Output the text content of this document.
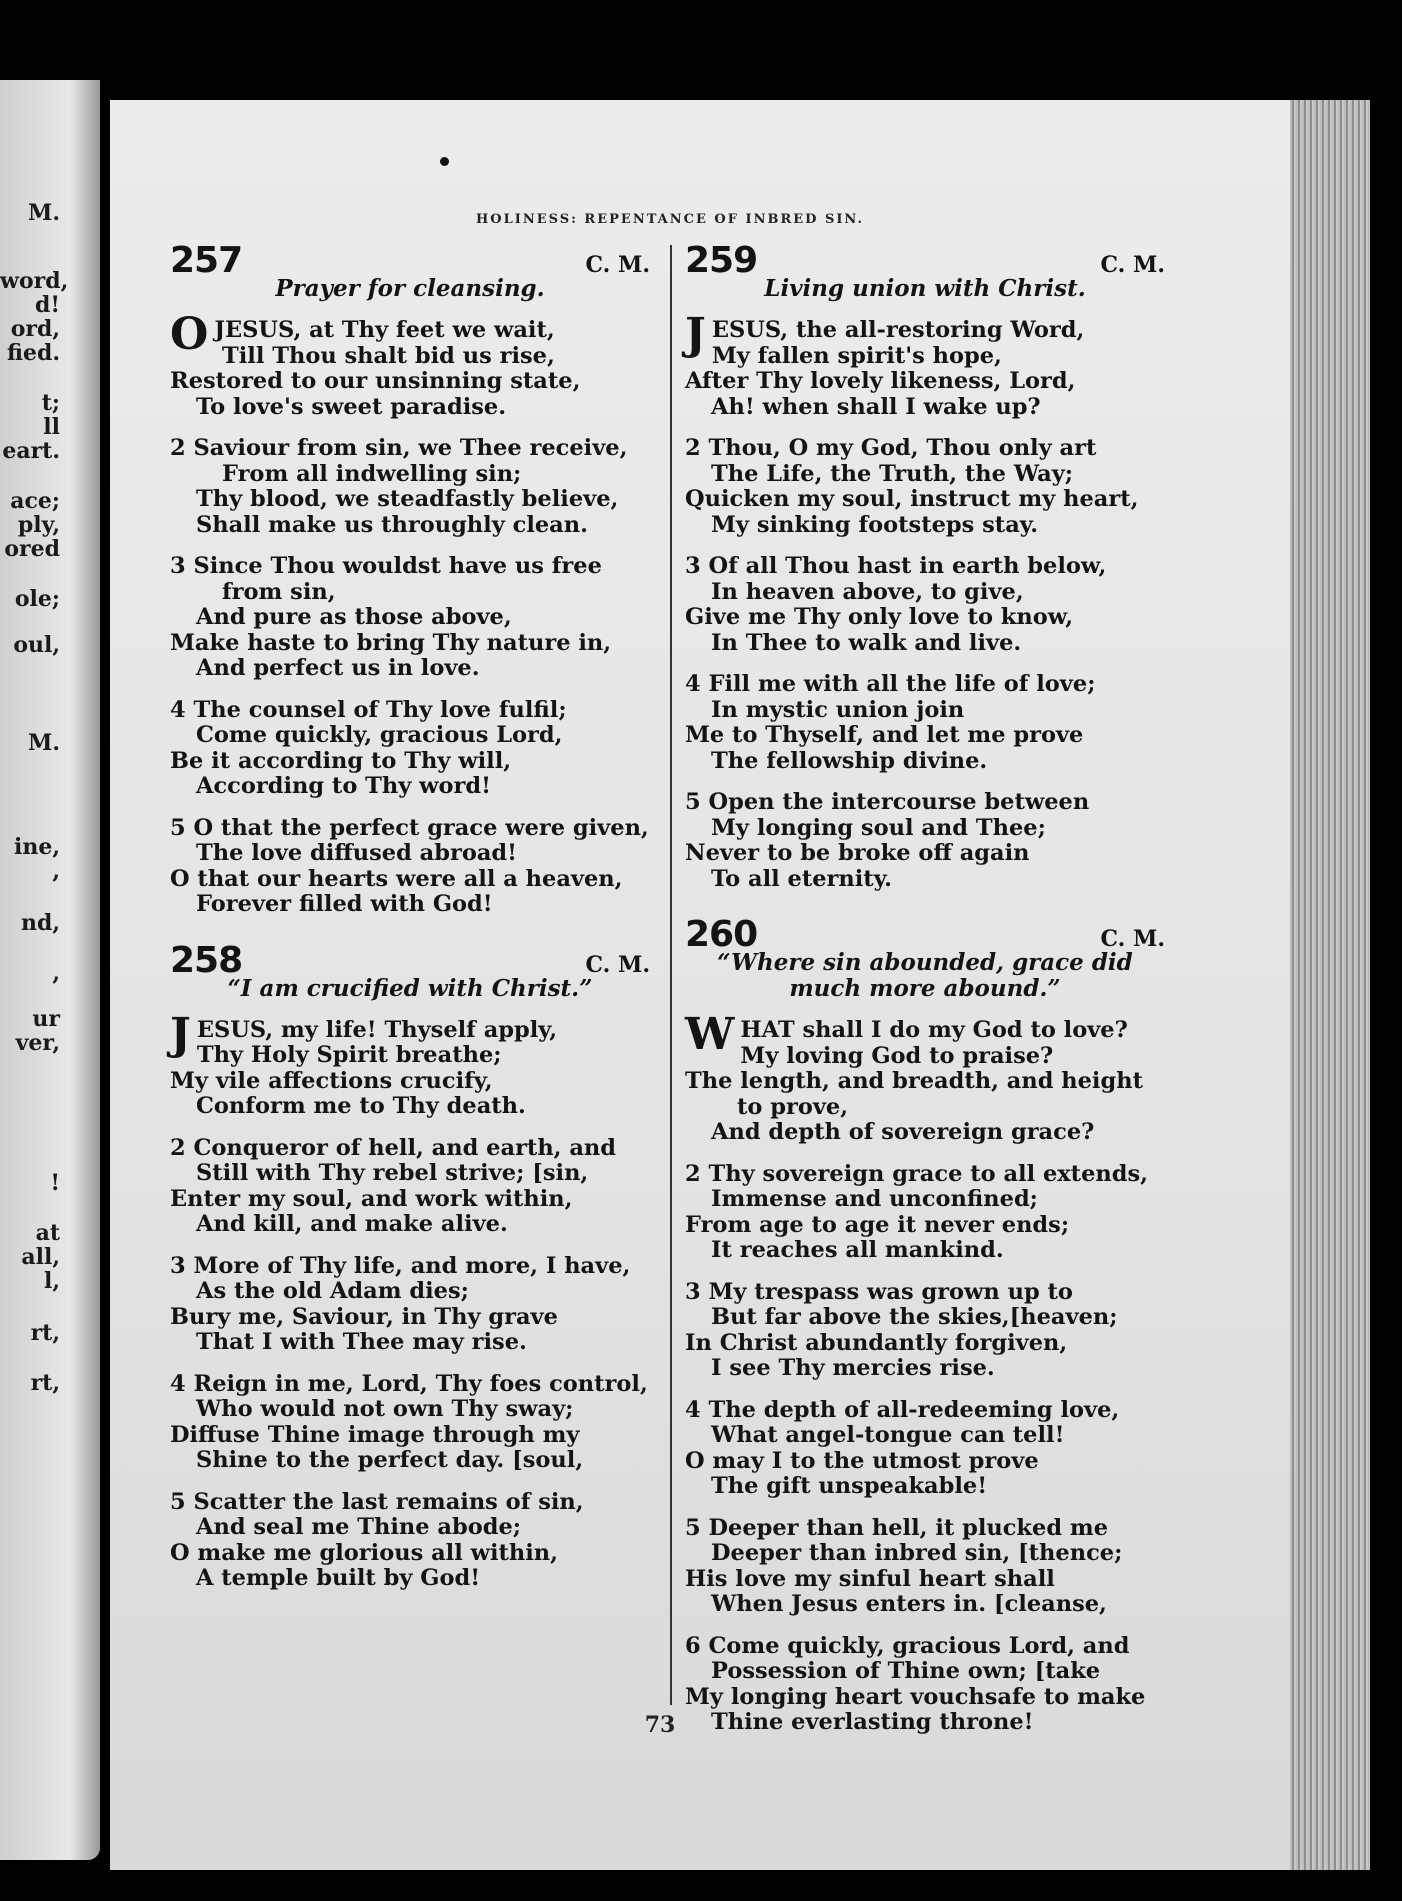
M.
word,
d!
ord,
fied.
t;
ll
eart.
ace;
ply,
ored
ole;
oul,
M.
ine,
,
nd,
,
ur
ver,
!
at
all,
l,
rt,
rt,
HOLINESS: REPENTANCE OF INBRED SIN.
257	C. M.
Prayer for cleansing.
O JESUS, at Thy feet we wait,
Till Thou shalt bid us rise,
Restored to our unsinning state,
To love's sweet paradise.
2 Saviour from sin, we Thee receive,
From all indwelling sin;
Thy blood, we steadfastly believe,
Shall make us throughly clean.
3 Since Thou wouldst have us free
from sin,
And pure as those above,
Make haste to bring Thy nature in,
And perfect us in love.
4 The counsel of Thy love fulfil;
Come quickly, gracious Lord,
Be it according to Thy will,
According to Thy word!
5 O that the perfect grace were given,
The love diffused abroad!
O that our hearts were all a heaven,
Forever filled with God!
258	C. M.
“I am crucified with Christ.”
J ESUS, my life! Thyself apply,
Thy Holy Spirit breathe;
My vile affections crucify,
Conform me to Thy death.
2 Conqueror of hell, and earth, and
Still with Thy rebel strive; [sin,
Enter my soul, and work within,
And kill, and make alive.
3 More of Thy life, and more, I have,
As the old Adam dies;
Bury me, Saviour, in Thy grave
That I with Thee may rise.
4 Reign in me, Lord, Thy foes control,
Who would not own Thy sway;
Diffuse Thine image through my
Shine to the perfect day. [soul,
5 Scatter the last remains of sin,
And seal me Thine abode;
O make me glorious all within,
A temple built by God!
259	C. M.
Living union with Christ.
J ESUS, the all-restoring Word,
My fallen spirit's hope,
After Thy lovely likeness, Lord,
Ah! when shall I wake up?
2 Thou, O my God, Thou only art
The Life, the Truth, the Way;
Quicken my soul, instruct my heart,
My sinking footsteps stay.
3 Of all Thou hast in earth below,
In heaven above, to give,
Give me Thy only love to know,
In Thee to walk and live.
4 Fill me with all the life of love;
In mystic union join
Me to Thyself, and let me prove
The fellowship divine.
5 Open the intercourse between
My longing soul and Thee;
Never to be broke off again
To all eternity.
260	C. M.
“Where sin abounded, grace did much more abound.”
W HAT shall I do my God to love?
My loving God to praise?
The length, and breadth, and height
to prove,
And depth of sovereign grace?
2 Thy sovereign grace to all extends,
Immense and unconfined;
From age to age it never ends;
It reaches all mankind.
3 My trespass was grown up to
But far above the skies,[heaven;
In Christ abundantly forgiven,
I see Thy mercies rise.
4 The depth of all-redeeming love,
What angel-tongue can tell!
O may I to the utmost prove
The gift unspeakable!
5 Deeper than hell, it plucked me
Deeper than inbred sin, [thence;
His love my sinful heart shall
When Jesus enters in. [cleanse,
6 Come quickly, gracious Lord, and
Possession of Thine own; [take
My longing heart vouchsafe to make
Thine everlasting throne!
73
